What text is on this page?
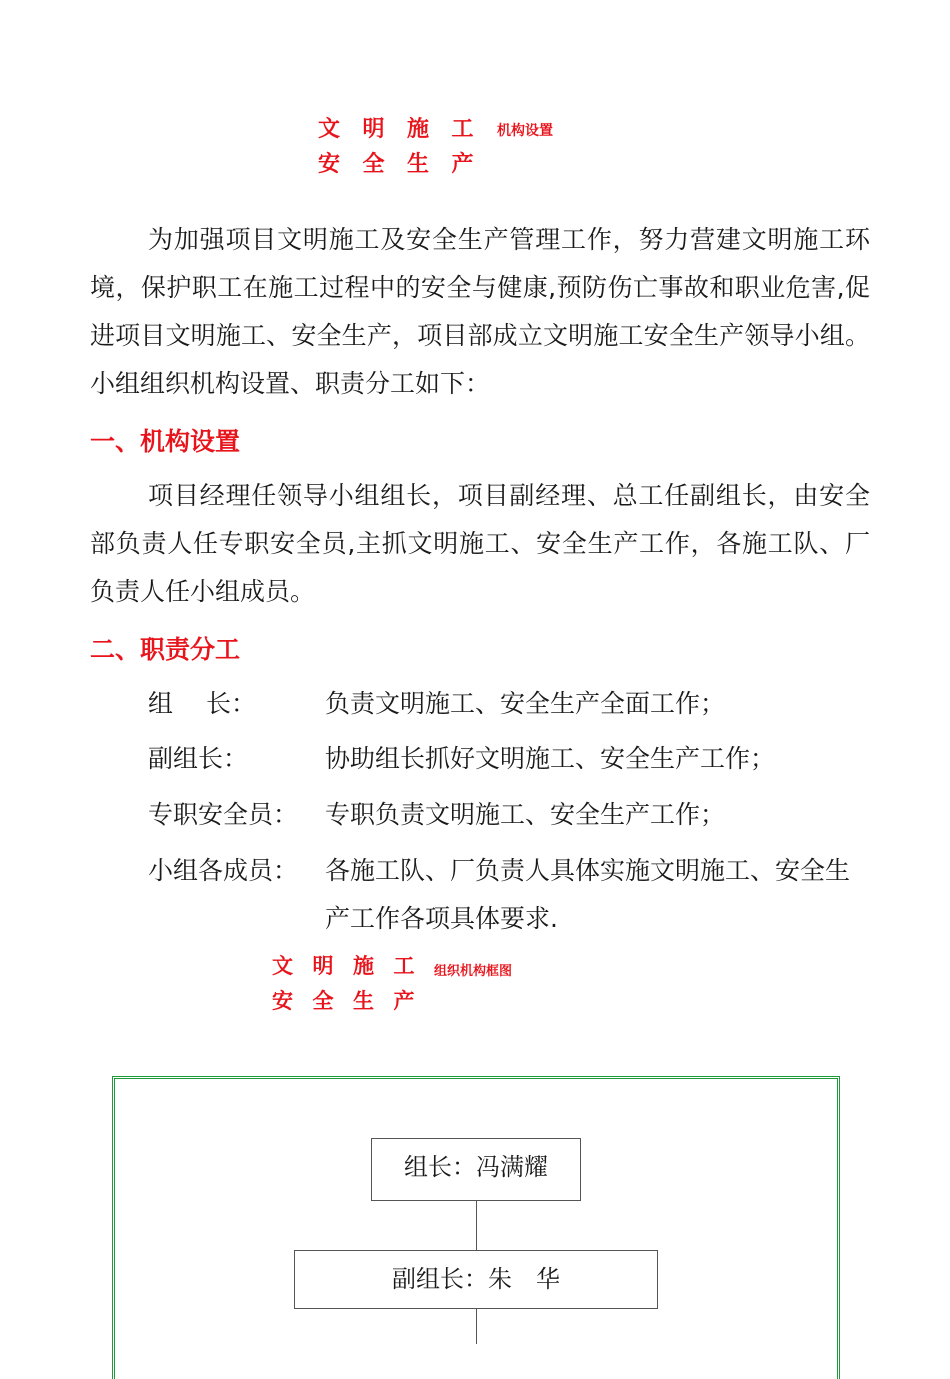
文 明 施 工	机构设置
安 全 生 产

为加强项目文明施工及安全生产管理工作，努力营建文明施工环境，保护职工在施工过程中的安全与健康,预防伤亡事故和职业危害,促进项目文明施工、安全生产，项目部成立文明施工安全生产领导小组。小组组织机构设置、职责分工如下：

一、机构设置

项目经理任领导小组组长，项目副经理、总工任副组长，由安全部负责人任专职安全员,主抓文明施工、安全生产工作，各施工队、厂负责人任小组成员。

二、职责分工
组　 长：	负责文明施工、安全生产全面工作；
副组长：	协助组长抓好文明施工、安全生产工作；
专职安全员： 专职负责文明施工、安全生产工作；
小组各成员： 各施工队、厂负责人具体实施文明施工、安全生产工作各项具体要求.
文 明 施 工	组织机构框图
安 全 生 产
组长：冯满耀
副组长：朱　华
